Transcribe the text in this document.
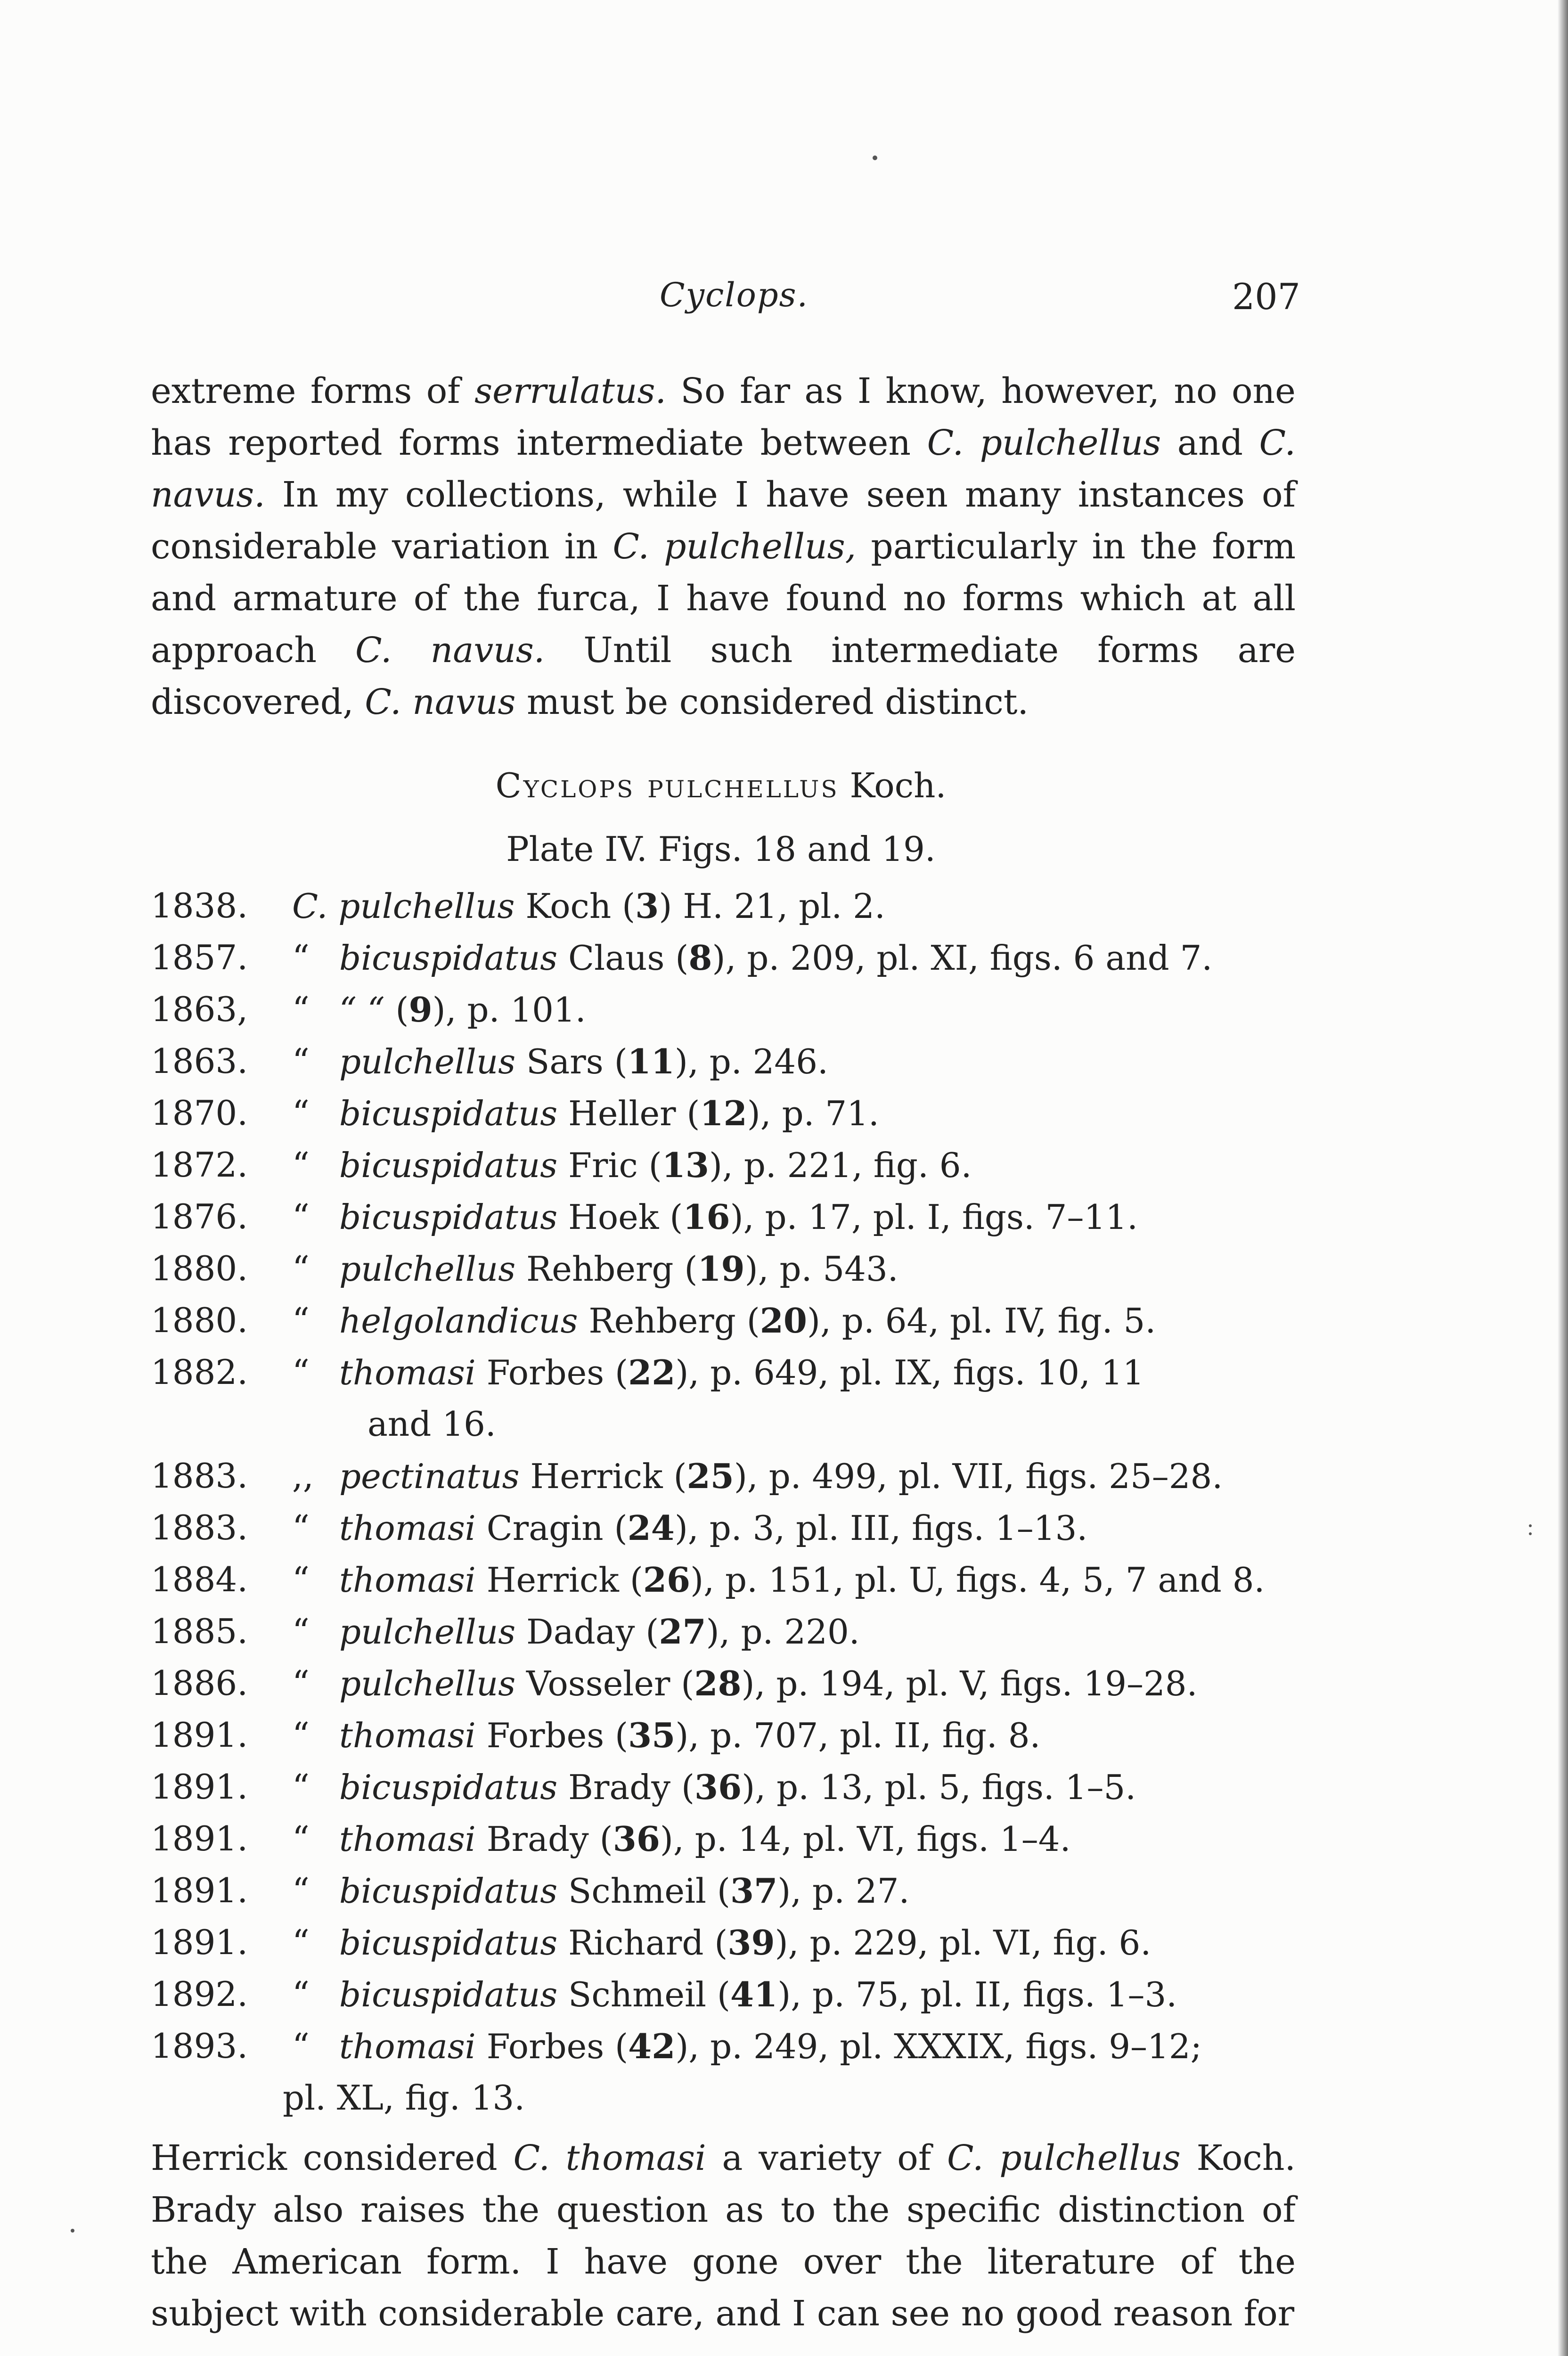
Cyclops.	207

extreme forms of serrulatus. So far as I know, however, no one has reported forms intermediate between C. pulchellus and C. navus. In my collections, while I have seen many instances of considerable variation in C. pulchellus, particularly in the form and armature of the furca, I have found no forms which at all approach C. navus. Until such intermediate forms are discovered, C. navus must be considered distinct.

Cyclops pulchellus Koch.

Plate IV. Figs. 18 and 19.

1838.	C. pulchellus Koch (3) H. 21, pl. 2.
1857.	“ bicuspidatus Claus (8), p. 209, pl. XI, figs. 6 and 7.
1863,	“ “ “ (9), p. 101.
1863.	“ pulchellus Sars (11), p. 246.
1870.	“ bicuspidatus Heller (12), p. 71.
1872.	“ bicuspidatus Fric (13), p. 221, fig. 6.
1876.	“ bicuspidatus Hoek (16), p. 17, pl. I, figs. 7–11.
1880.	“ pulchellus Rehberg (19), p. 543.
1880.	“ helgolandicus Rehberg (20), p. 64, pl. IV, fig. 5.
1882.	“ thomasi Forbes (22), p. 649, pl. IX, figs. 10, 11
and 16.
1883.	,, pectinatus Herrick (25), p. 499, pl. VII, figs. 25–28.
1883.	“ thomasi Cragin (24), p. 3, pl. III, figs. 1–13.
1884.	“ thomasi Herrick (26), p. 151, pl. U, figs. 4, 5, 7 and 8.
1885.	“ pulchellus Daday (27), p. 220.
1886.	“ pulchellus Vosseler (28), p. 194, pl. V, figs. 19–28.
1891.	“ thomasi Forbes (35), p. 707, pl. II, fig. 8.
1891.	“ bicuspidatus Brady (36), p. 13, pl. 5, figs. 1–5.
1891.	“ thomasi Brady (36), p. 14, pl. VI, figs. 1–4.
1891.	“ bicuspidatus Schmeil (37), p. 27.
1891.	“ bicuspidatus Richard (39), p. 229, pl. VI, fig. 6.
1892.	“ bicuspidatus Schmeil (41), p. 75, pl. II, figs. 1–3.
1893.	“ thomasi Forbes (42), p. 249, pl. XXXIX, figs. 9–12;
pl. XL, fig. 13.

Herrick considered C. thomasi a variety of C. pulchellus Koch. Brady also raises the question as to the specific distinction of the American form. I have gone over the literature of the subject with considerable care, and I can see no good reason for
